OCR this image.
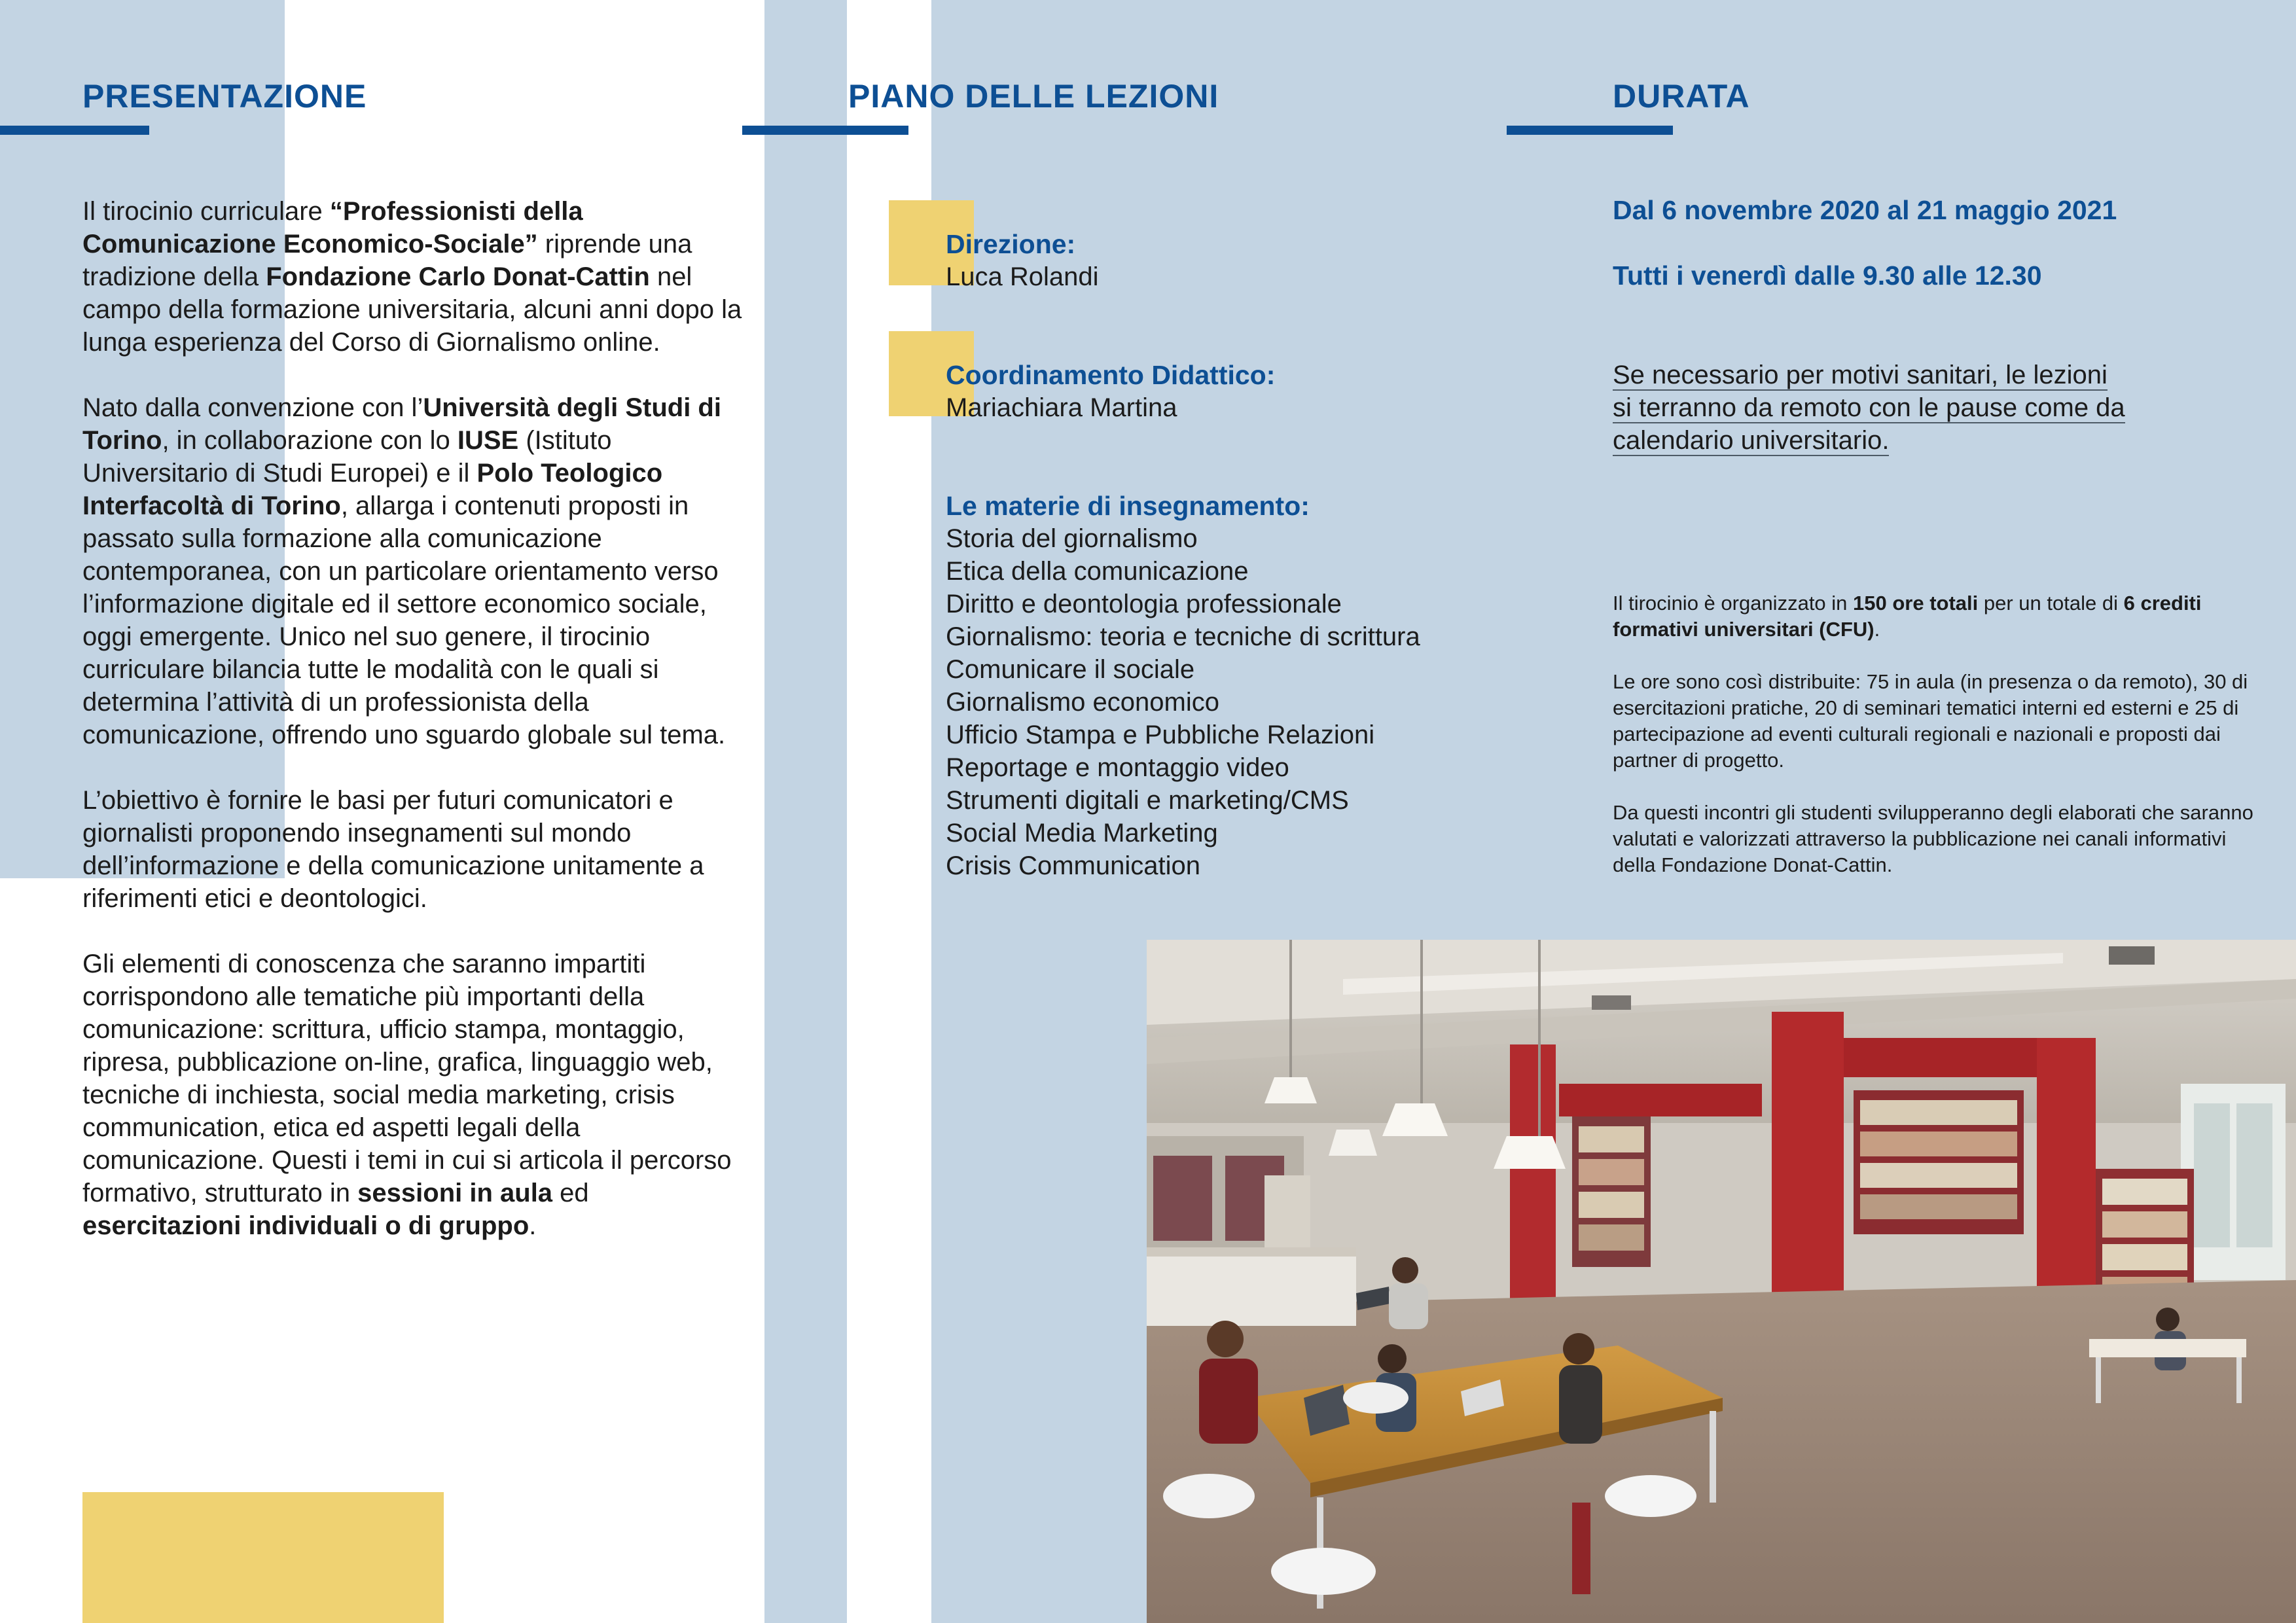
PRESENTAZIONE

Il tirocinio curriculare “Professionisti della Comunicazione Economico-Sociale” riprende una tradizione della Fondazione Carlo Donat-Cattin nel campo della formazione universitaria, alcuni anni dopo la lunga esperienza del Corso di Giornalismo online.

Nato dalla convenzione con l’Università degli Studi di Torino, in collaborazione con lo IUSE (Istituto Universitario di Studi Europei) e il Polo Teologico Interfacoltà di Torino, allarga i contenuti proposti in passato sulla formazione alla comunicazione contemporanea, con un particolare orientamento verso l’informazione digitale ed il settore economico sociale, oggi emergente. Unico nel suo genere, il tirocinio curriculare bilancia tutte le modalità con le quali si determina l’attività di un professionista della comunicazione, offrendo uno sguardo globale sul tema.

L’obiettivo è fornire le basi per futuri comunicatori e giornalisti proponendo insegnamenti sul mondo dell’informazione e della comunicazione unitamente a riferimenti etici e deontologici.

Gli elementi di conoscenza che saranno impartiti corrispondono alle tematiche più importanti della comunicazione: scrittura, ufficio stampa, montaggio, ripresa, pubblicazione on-line, grafica, linguaggio web, tecniche di inchiesta, social media marketing, crisis communication, etica ed aspetti legali della comunicazione. Questi i temi in cui si articola il percorso formativo, strutturato in sessioni in aula ed esercitazioni individuali o di gruppo.

PIANO DELLE LEZIONI
Direzione:
Luca Rolandi
Coordinamento Didattico:
Mariachiara Martina
Le materie di insegnamento:
Storia del giornalismo
Etica della comunicazione
Diritto e deontologia professionale
Giornalismo: teoria e tecniche di scrittura
Comunicare il sociale
Giornalismo economico
Ufficio Stampa e Pubbliche Relazioni
Reportage e montaggio video
Strumenti digitali e marketing/CMS
Social Media Marketing
Crisis Communication
DURATA

Dal 6 novembre 2020 al 21 maggio 2021

Tutti i venerdì dalle 9.30 alle 12.30

Se necessario per motivi sanitari, le lezioni
si terranno da remoto con le pause come da
calendario universitario.

Il tirocinio è organizzato in 150 ore totali per un totale di 6 crediti formativi universitari (CFU).

Le ore sono così distribuite: 75 in aula (in presenza o da remoto), 30 di esercitazioni pratiche, 20 di seminari tematici interni ed esterni e 25 di partecipazione ad eventi culturali regionali e nazionali e proposti dai partner di progetto.

Da questi incontri gli studenti svilupperanno degli elaborati che saranno valutati e valorizzati attraverso la pubblicazione nei canali informativi della Fondazione Donat-Cattin.
